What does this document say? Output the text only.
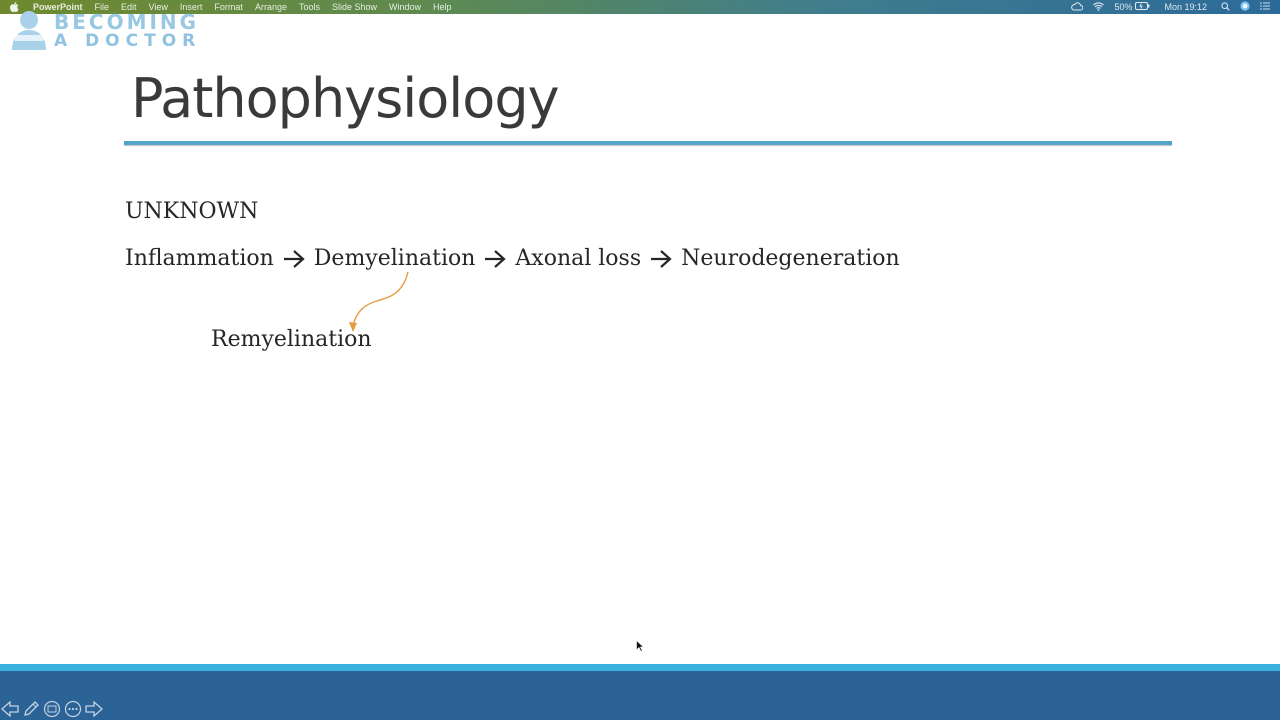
PowerPoint File Edit View Insert Format Arrange Tools Slide Show Window Help	50%	Mon 19:12
BECOMING
A DOCTOR
Pathophysiology
UNKNOWN
Inflammation Demyelination Axonal loss Neurodegeneration
Remyelination
